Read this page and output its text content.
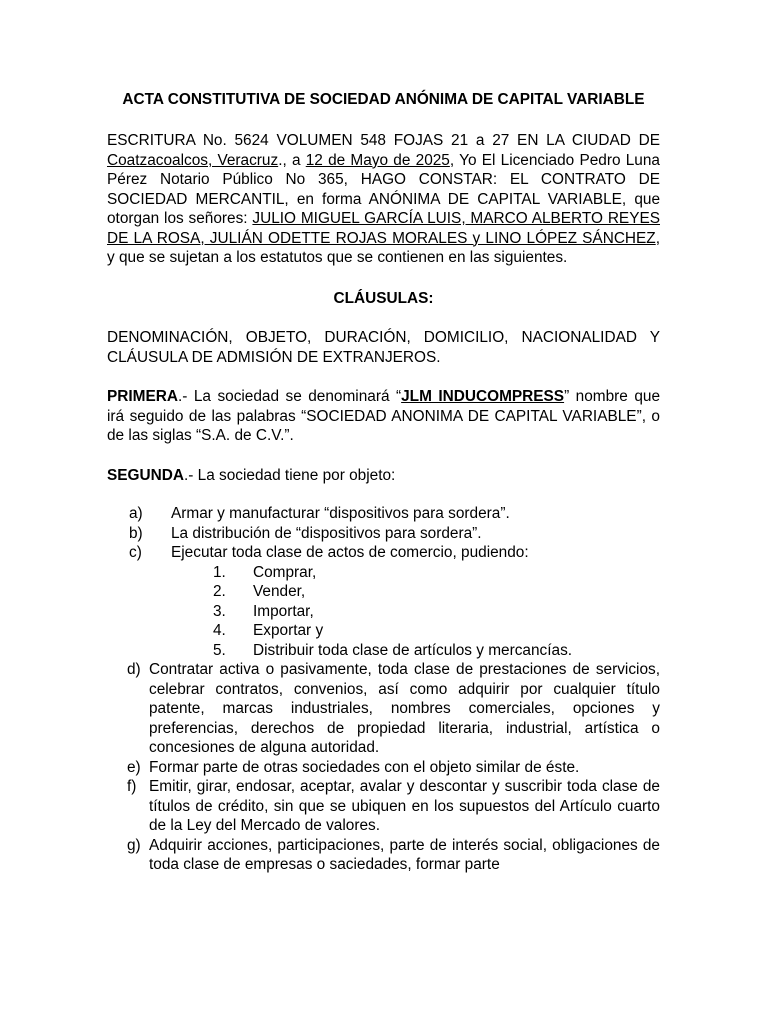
ACTA CONSTITUTIVA DE SOCIEDAD ANÓNIMA DE CAPITAL VARIABLE

ESCRITURA No. 5624 VOLUMEN 548 FOJAS 21 a 27 EN LA CIUDAD DE Coatzacoalcos, Veracruz., a 12 de Mayo de 2025, Yo El Licenciado Pedro Luna Pérez Notario Público No 365, HAGO CONSTAR: EL CONTRATO DE SOCIEDAD MERCANTIL, en forma ANÓNIMA DE CAPITAL VARIABLE, que otorgan los señores: JULIO MIGUEL GARCÍA LUIS, MARCO ALBERTO REYES DE LA ROSA, JULIÁN ODETTE ROJAS MORALES y LINO LÓPEZ SÁNCHEZ, y que se sujetan a los estatutos que se contienen en las siguientes.

CLÁUSULAS:

DENOMINACIÓN, OBJETO, DURACIÓN, DOMICILIO, NACIONALIDAD Y CLÁUSULA DE ADMISIÓN DE EXTRANJEROS.

PRIMERA.- La sociedad se denominará “JLM INDUCOMPRESS” nombre que irá seguido de las palabras “SOCIEDAD ANONIMA DE CAPITAL VARIABLE”, o de las siglas “S.A. de C.V.”.

SEGUNDA.- La sociedad tiene por objeto:

a)	Armar y manufacturar “dispositivos para sordera”.
b)	La distribución de “dispositivos para sordera”.
c)	Ejecutar toda clase de actos de comercio, pudiendo:
1.	Comprar,
2.	Vender,
3.	Importar,
4.	Exportar y
5.	Distribuir toda clase de artículos y mercancías.
d) Contratar activa o pasivamente, toda clase de prestaciones de servicios, celebrar contratos, convenios, así como adquirir por cualquier título patente, marcas industriales, nombres comerciales, opciones y preferencias, derechos de propiedad literaria, industrial, artística o concesiones de alguna autoridad.
e) Formar parte de otras sociedades con el objeto similar de éste.
f) Emitir, girar, endosar, aceptar, avalar y descontar y suscribir toda clase de títulos de crédito, sin que se ubiquen en los supuestos del Artículo cuarto de la Ley del Mercado de valores.
g) Adquirir acciones, participaciones, parte de interés social, obligaciones de toda clase de empresas o saciedades, formar parte
